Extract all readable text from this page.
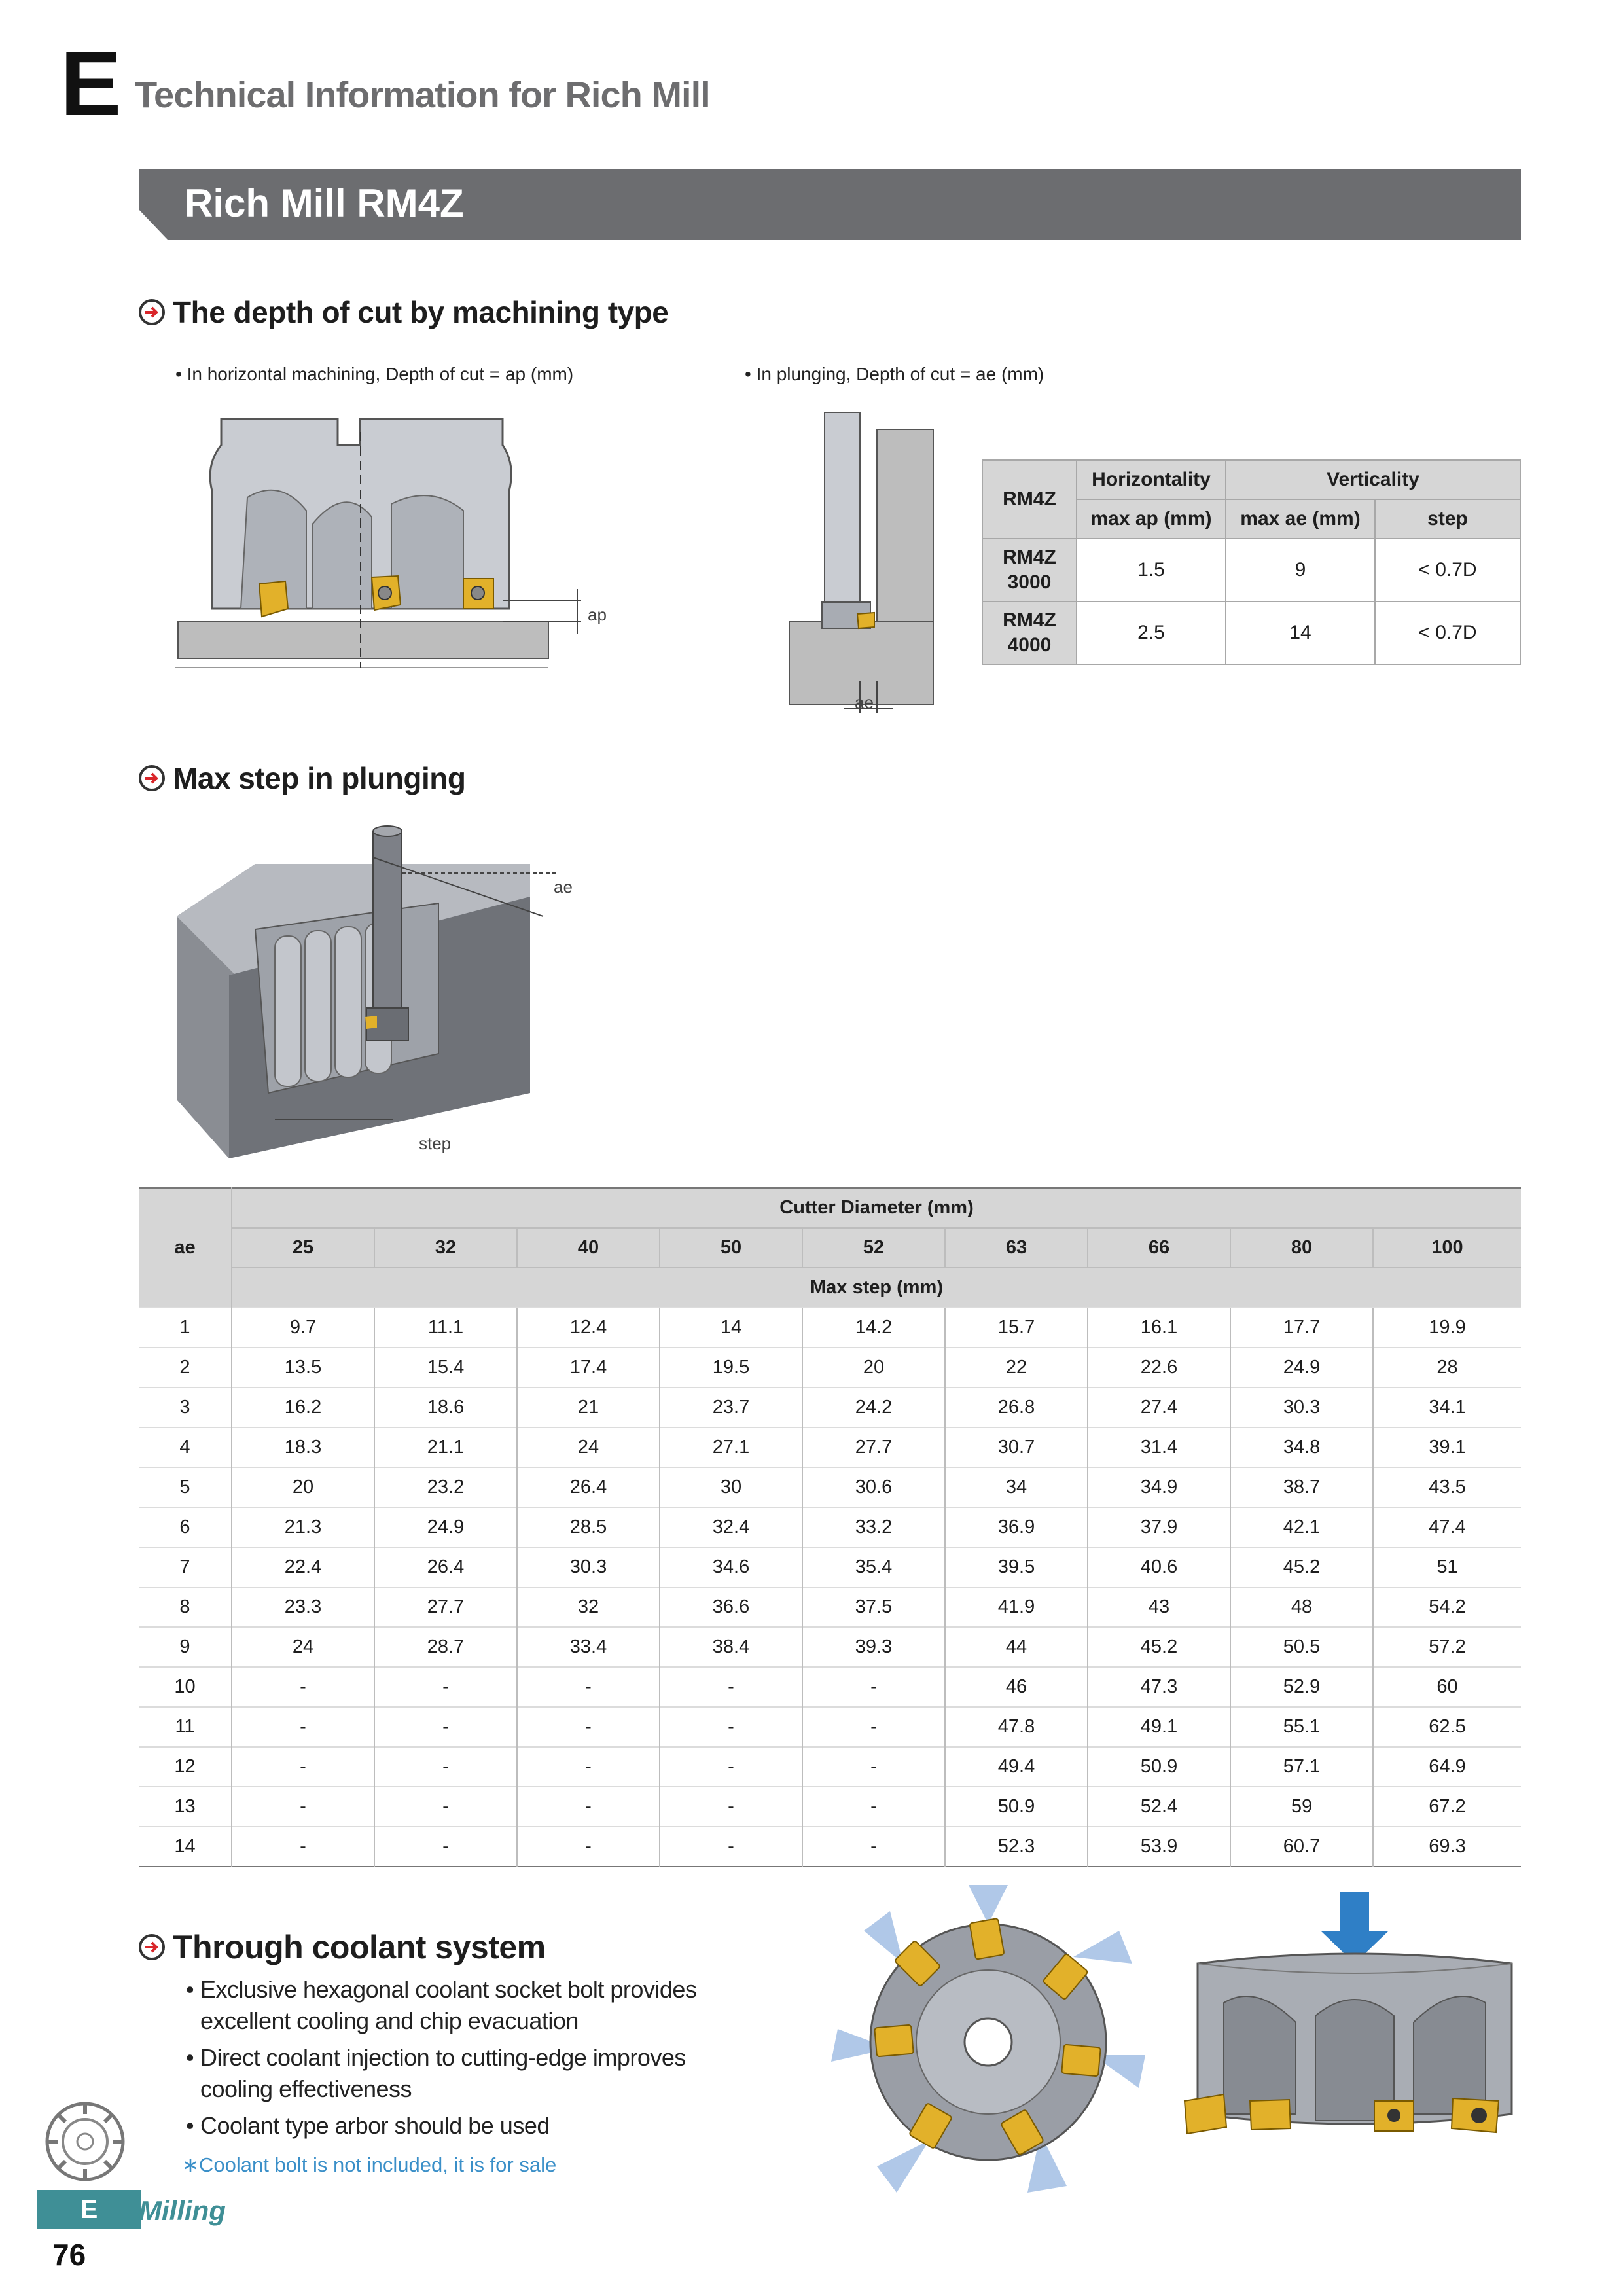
E Technical Information for Rich Mill
Rich Mill RM4Z
The depth of cut by machining type
• In horizontal machining, Depth of cut = ap (mm)	• In plunging, Depth of cut = ae (mm)
ap
ae
RM4Z	Horizontality	Verticality	
	max ap (mm)	max ae (mm)	step

RM4Z
3000	1.5	9	< 0.7D

RM4Z
4000	2.5	14	< 0.7D
Max step in plunging
ae
step
ae	Cutter Diameter (mm)								
	25	32	40	50	52	63	66	80	100
	Max step (mm)								
1	9.7	11.1	12.4	14	14.2	15.7	16.1	17.7	19.9
2	13.5	15.4	17.4	19.5	20	22	22.6	24.9	28
3	16.2	18.6	21	23.7	24.2	26.8	27.4	30.3	34.1
4	18.3	21.1	24	27.1	27.7	30.7	31.4	34.8	39.1
5	20	23.2	26.4	30	30.6	34	34.9	38.7	43.5
6	21.3	24.9	28.5	32.4	33.2	36.9	37.9	42.1	47.4
7	22.4	26.4	30.3	34.6	35.4	39.5	40.6	45.2	51
8	23.3	27.7	32	36.6	37.5	41.9	43	48	54.2
9	24	28.7	33.4	38.4	39.3	44	45.2	50.5	57.2
10	-	-	-	-	-	46	47.3	52.9	60
11	-	-	-	-	-	47.8	49.1	55.1	62.5
12	-	-	-	-	-	49.4	50.9	57.1	64.9
13	-	-	-	-	-	50.9	52.4	59	67.2
14	-	-	-	-	-	52.3	53.9	60.7	69.3
Through coolant system
• Exclusive hexagonal coolant socket bolt provides excellent cooling and chip evacuation
• Direct coolant injection to cutting-edge improves cooling effectiveness
• Coolant type arbor should be used
∗Coolant bolt is not included, it is for sale
E	Milling
76
